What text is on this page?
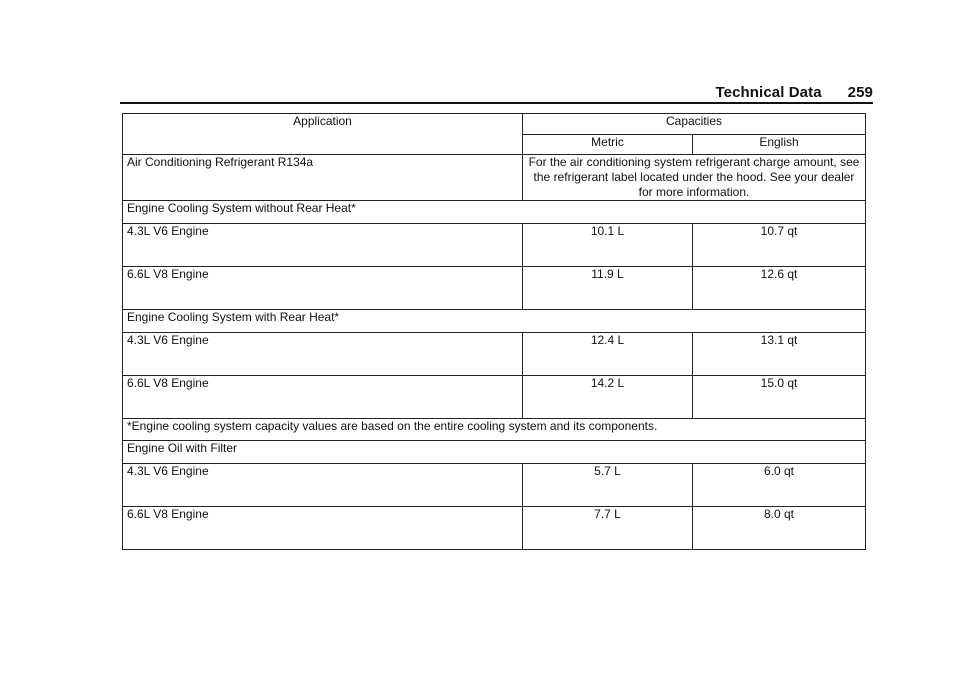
Technical Data 259
Application	Capacities	
	Metric	English
Air Conditioning Refrigerant R134a	For the air conditioning system refrigerant charge amount, see the refrigerant label located under the hood. See your dealer for more information.	
Engine Cooling System without Rear Heat*		
4.3L V6 Engine	10.1 L	10.7 qt
6.6L V8 Engine	11.9 L	12.6 qt
Engine Cooling System with Rear Heat*		
4.3L V6 Engine	12.4 L	13.1 qt
6.6L V8 Engine	14.2 L	15.0 qt
*Engine cooling system capacity values are based on the entire cooling system and its components.		
Engine Oil with Filter		
4.3L V6 Engine	5.7 L	6.0 qt
6.6L V8 Engine	7.7 L	8.0 qt
